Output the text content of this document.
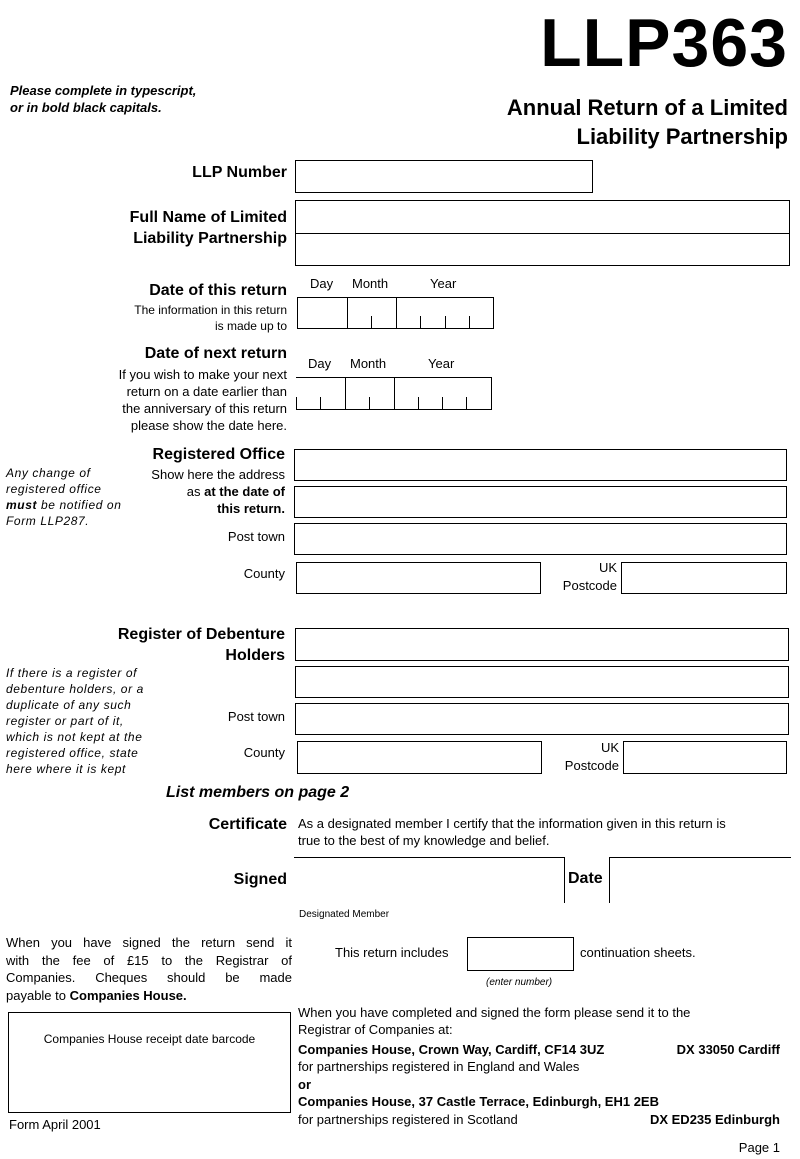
LLP363
Please complete in typescript,
or in bold black capitals.	Annual Return of a Limited
Liability Partnership
LLP Number
Full Name of Limited
Liability Partnership
Date of this return
The information in this return
is made up to
Day Month	Year
Date of next return
If you wish to make your next
return on a date earlier than
the anniversary of this return
please show the date here.
Day Month	Year
Registered Office
Show here the address
as at the date of
this return.
Any change of
registered office
must be notified on
Form LLP287.
Post town
County	UK
Postcode
Register of Debenture
Holders
If there is a register of
debenture holders, or a
duplicate of any such
register or part of it,
which is not kept at the
registered office, state
here where it is kept
Post town
County	UK
Postcode
List members on page 2
Certificate As a designated member I certify that the information given in this return is
true to the best of my knowledge and belief.
Signed	Date
Designated Member
When you have signed the return send it
with the fee of £15 to the Registrar of
Companies. Cheques should be made
payable to Companies House.
This return includes	continuation sheets.
(enter number)
Companies House receipt date barcode
Form April 2001
When you have completed and signed the form please send it to the
Registrar of Companies at:
Companies House, Crown Way, Cardiff, CF14 3UZ	DX 33050 Cardiff
for partnerships registered in England and Wales
or
Companies House, 37 Castle Terrace, Edinburgh, EH1 2EB
for partnerships registered in Scotland	DX ED235 Edinburgh
Page 1
